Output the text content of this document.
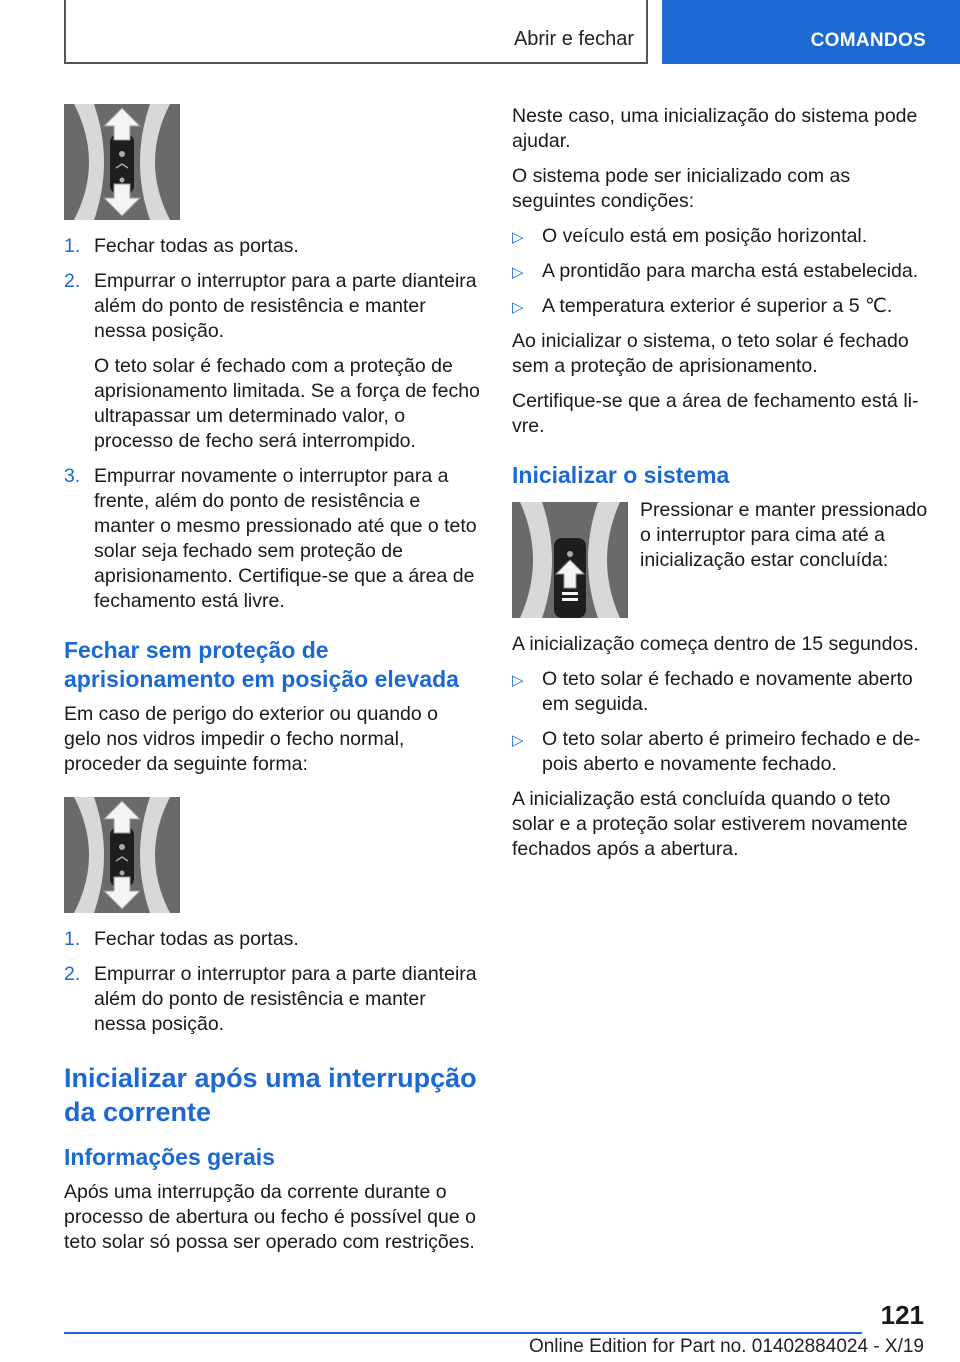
Abrir e fechar	COMANDOS
1. Fechar todas as portas.

2. Empurrar o interruptor para a parte dianteira além do ponto de resistência e manter nessa posição.

O teto solar é fechado com a proteção de aprisionamento limitada. Se a força de fecho ultrapassar um determinado valor, o processo de fecho será interrompido.

3. Empurrar novamente o interruptor para a frente, além do ponto de resistência e manter o mesmo pressionado até que o teto solar seja fechado sem proteção de aprisionamento. Certifique-se que a área de fechamento está livre.

Fechar sem proteção de aprisionamento em posição elevada

Em caso de perigo do exterior ou quando o gelo nos vidros impedir o fecho normal, proceder da seguinte forma:

1. Fechar todas as portas.

2. Empurrar o interruptor para a parte dianteira além do ponto de resistência e manter nessa posição.

Inicializar após uma interrupção da corrente
Informações gerais

Após uma interrupção da corrente durante o processo de abertura ou fecho é possível que o teto solar só possa ser operado com restrições.

Neste caso, uma inicialização do sistema pode ajudar.

O sistema pode ser inicializado com as seguintes condições:

▷ O veículo está em posição horizontal.
▷ A prontidão para marcha está estabelecida.
▷ A temperatura exterior é superior a 5 ℃.

Ao inicializar o sistema, o teto solar é fechado sem a proteção de aprisionamento.

Certifique-se que a área de fechamento está livre.

Inicializar o sistema

Pressionar e manter pressionado o interruptor para cima até a inicialização estar concluída:

A inicialização começa dentro de 15 segundos.

▷ O teto solar é fechado e novamente aberto em seguida.
▷ O teto solar aberto é primeiro fechado e depois aberto e novamente fechado.

A inicialização está concluída quando o teto solar e a proteção solar estiverem novamente fechados após a abertura.

121
Online Edition for Part no. 01402884024 - X/19
